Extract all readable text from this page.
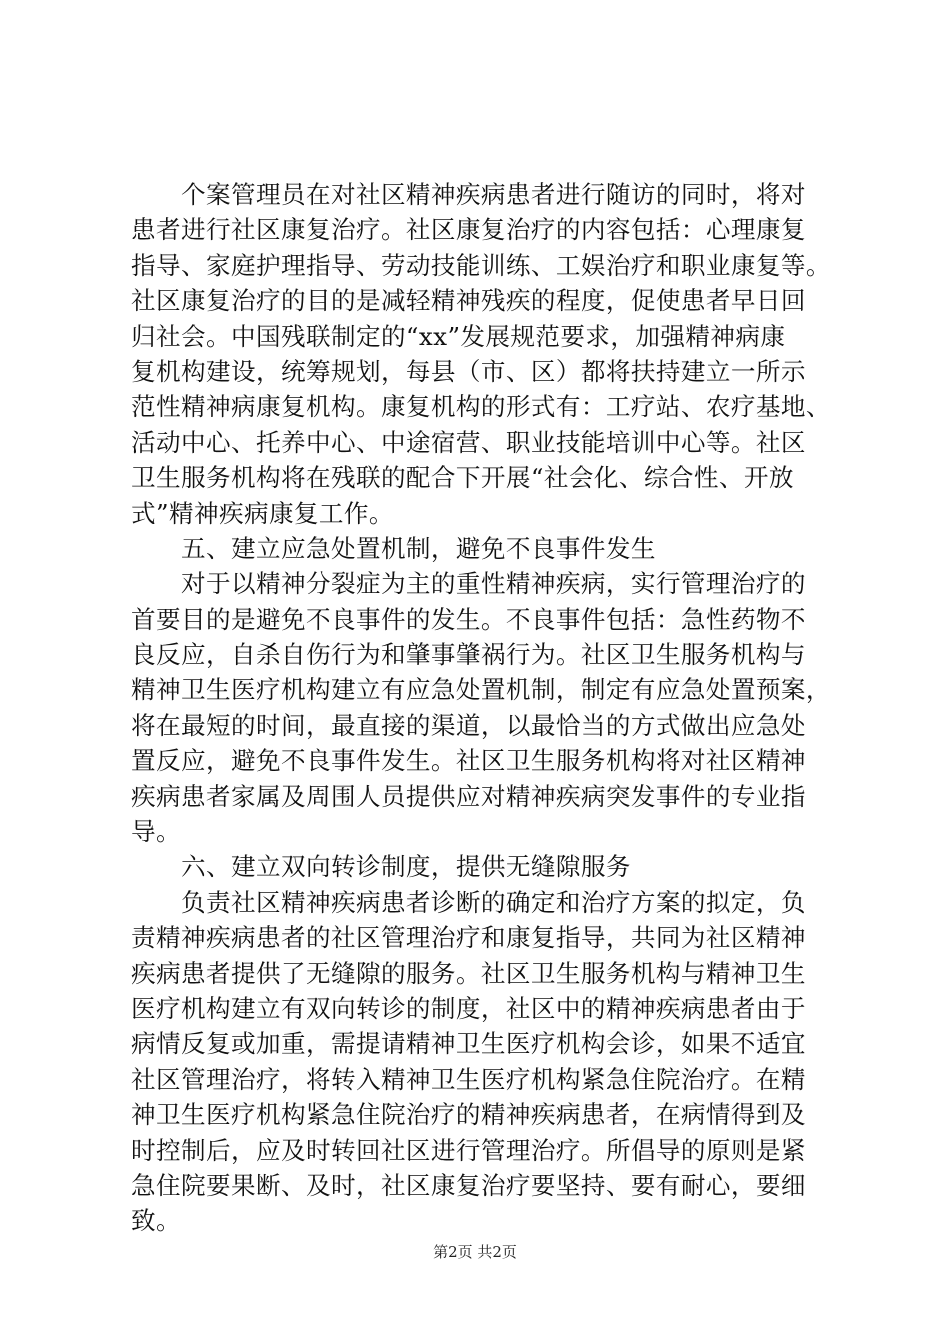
　　个案管理员在对社区精神疾病患者进行随访的同时，将对
患者进行社区康复治疗。社区康复治疗的内容包括：心理康复
指导、家庭护理指导、劳动技能训练、工娱治疗和职业康复等。
社区康复治疗的目的是减轻精神残疾的程度，促使患者早日回
归社会。中国残联制定的“xx”发展规范要求，加强精神病康
复机构建设，统筹规划，每县（市、区）都将扶持建立一所示
范性精神病康复机构。康复机构的形式有：工疗站、农疗基地、
活动中心、托养中心、中途宿营、职业技能培训中心等。社区
卫生服务机构将在残联的配合下开展“社会化、综合性、开放
式”精神疾病康复工作。
　　五、建立应急处置机制，避免不良事件发生
　　对于以精神分裂症为主的重性精神疾病，实行管理治疗的
首要目的是避免不良事件的发生。不良事件包括：急性药物不
良反应，自杀自伤行为和肇事肇祸行为。社区卫生服务机构与
精神卫生医疗机构建立有应急处置机制，制定有应急处置预案，
将在最短的时间，最直接的渠道，以最恰当的方式做出应急处
置反应，避免不良事件发生。社区卫生服务机构将对社区精神
疾病患者家属及周围人员提供应对精神疾病突发事件的专业指
导。
　　六、建立双向转诊制度，提供无缝隙服务
　　负责社区精神疾病患者诊断的确定和治疗方案的拟定，负
责精神疾病患者的社区管理治疗和康复指导，共同为社区精神
疾病患者提供了无缝隙的服务。社区卫生服务机构与精神卫生
医疗机构建立有双向转诊的制度，社区中的精神疾病患者由于
病情反复或加重，需提请精神卫生医疗机构会诊，如果不适宜
社区管理治疗，将转入精神卫生医疗机构紧急住院治疗。在精
神卫生医疗机构紧急住院治疗的精神疾病患者，在病情得到及
时控制后，应及时转回社区进行管理治疗。所倡导的原则是紧
急住院要果断、及时，社区康复治疗要坚持、要有耐心，要细
致。
第2页 共2页
